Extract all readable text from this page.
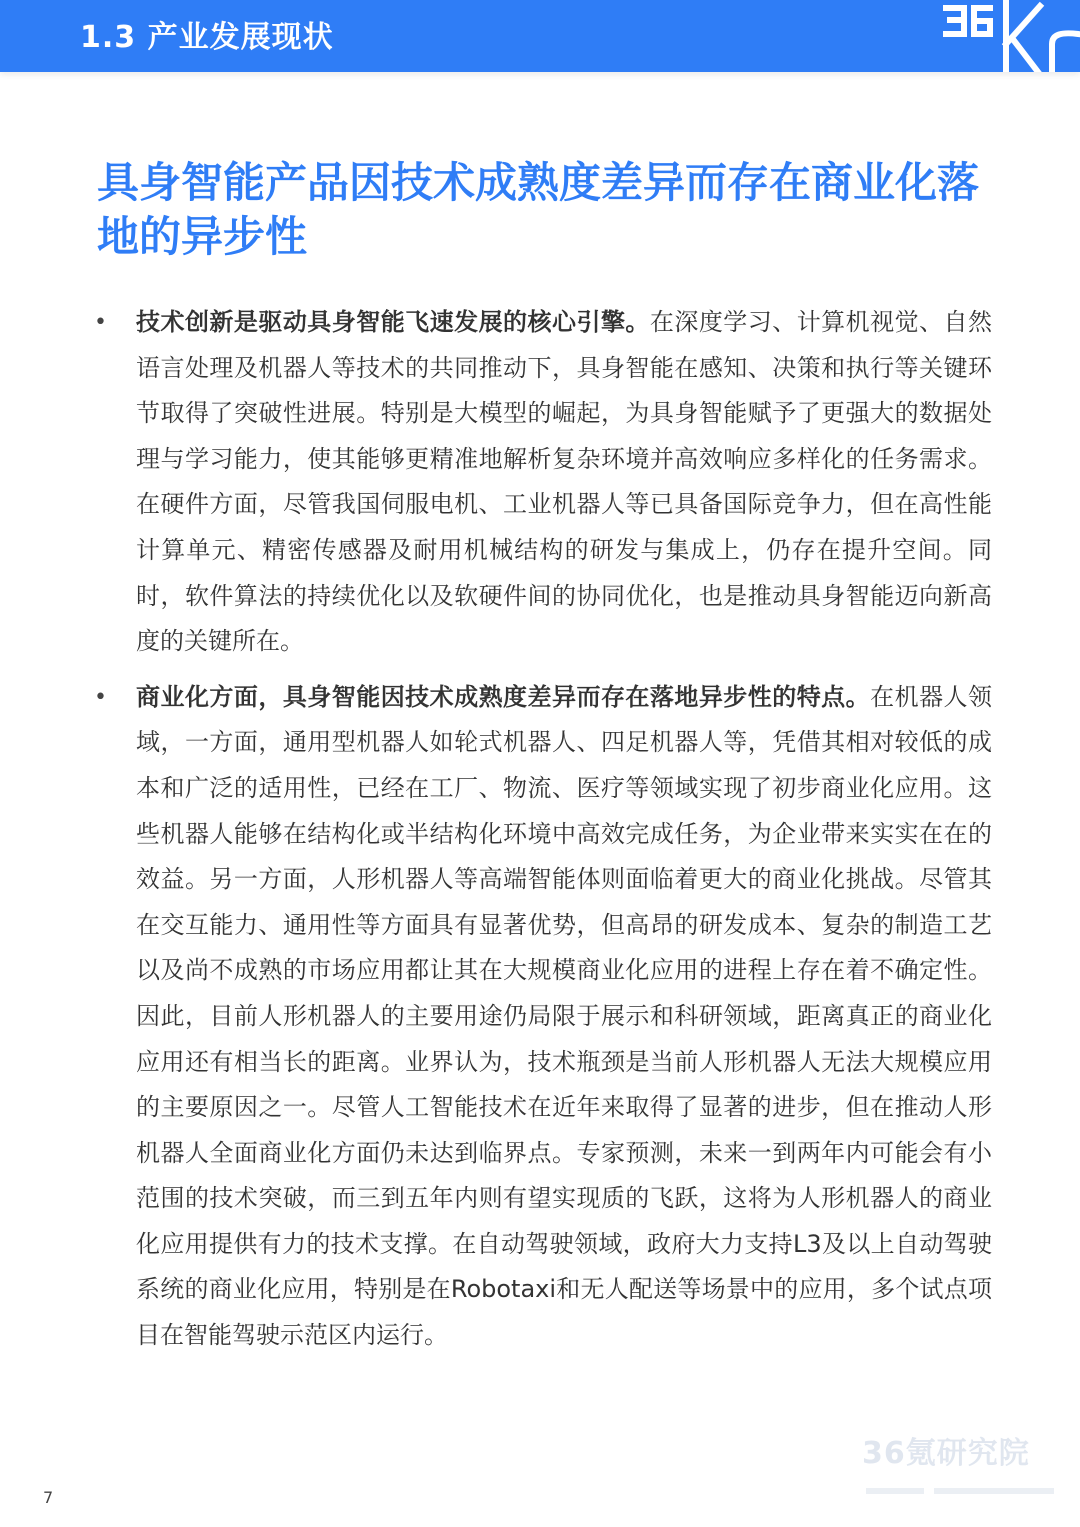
1.3 产业发展现状
具身智能产品因技术成熟度差异而存在商业化落地的异步性
• 技术创新是驱动具身智能飞速发展的核心引擎。在深度学习、计算机视觉、自然语言处理及机器人等技术的共同推动下，具身智能在感知、决策和执行等关键环节取得了突破性进展。特别是大模型的崛起，为具身智能赋予了更强大的数据处理与学习能力，使其能够更精准地解析复杂环境并高效响应多样化的任务需求。在硬件方面，尽管我国伺服电机、工业机器人等已具备国际竞争力，但在高性能计算单元、精密传感器及耐用机械结构的研发与集成上，仍存在提升空间。同时，软件算法的持续优化以及软硬件间的协同优化，也是推动具身智能迈向新高度的关键所在。
• 商业化方面，具身智能因技术成熟度差异而存在落地异步性的特点。在机器人领域，一方面，通用型机器人如轮式机器人、四足机器人等，凭借其相对较低的成本和广泛的适用性，已经在工厂、物流、医疗等领域实现了初步商业化应用。这些机器人能够在结构化或半结构化环境中高效完成任务，为企业带来实实在在的效益。另一方面，人形机器人等高端智能体则面临着更大的商业化挑战。尽管其在交互能力、通用性等方面具有显著优势，但高昂的研发成本、复杂的制造工艺以及尚不成熟的市场应用都让其在大规模商业化应用的进程上存在着不确定性。因此，目前人形机器人的主要用途仍局限于展示和科研领域，距离真正的商业化应用还有相当长的距离。业界认为，技术瓶颈是当前人形机器人无法大规模应用的主要原因之一。尽管人工智能技术在近年来取得了显著的进步，但在推动人形机器人全面商业化方面仍未达到临界点。专家预测，未来一到两年内可能会有小范围的技术突破，而三到五年内则有望实现质的飞跃，这将为人形机器人的商业化应用提供有力的技术支撑。在自动驾驶领域，政府大力支持L3及以上自动驾驶系统的商业化应用，特别是在Robotaxi和无人配送等场景中的应用，多个试点项目在智能驾驶示范区内运行。
7
36氪研究院
